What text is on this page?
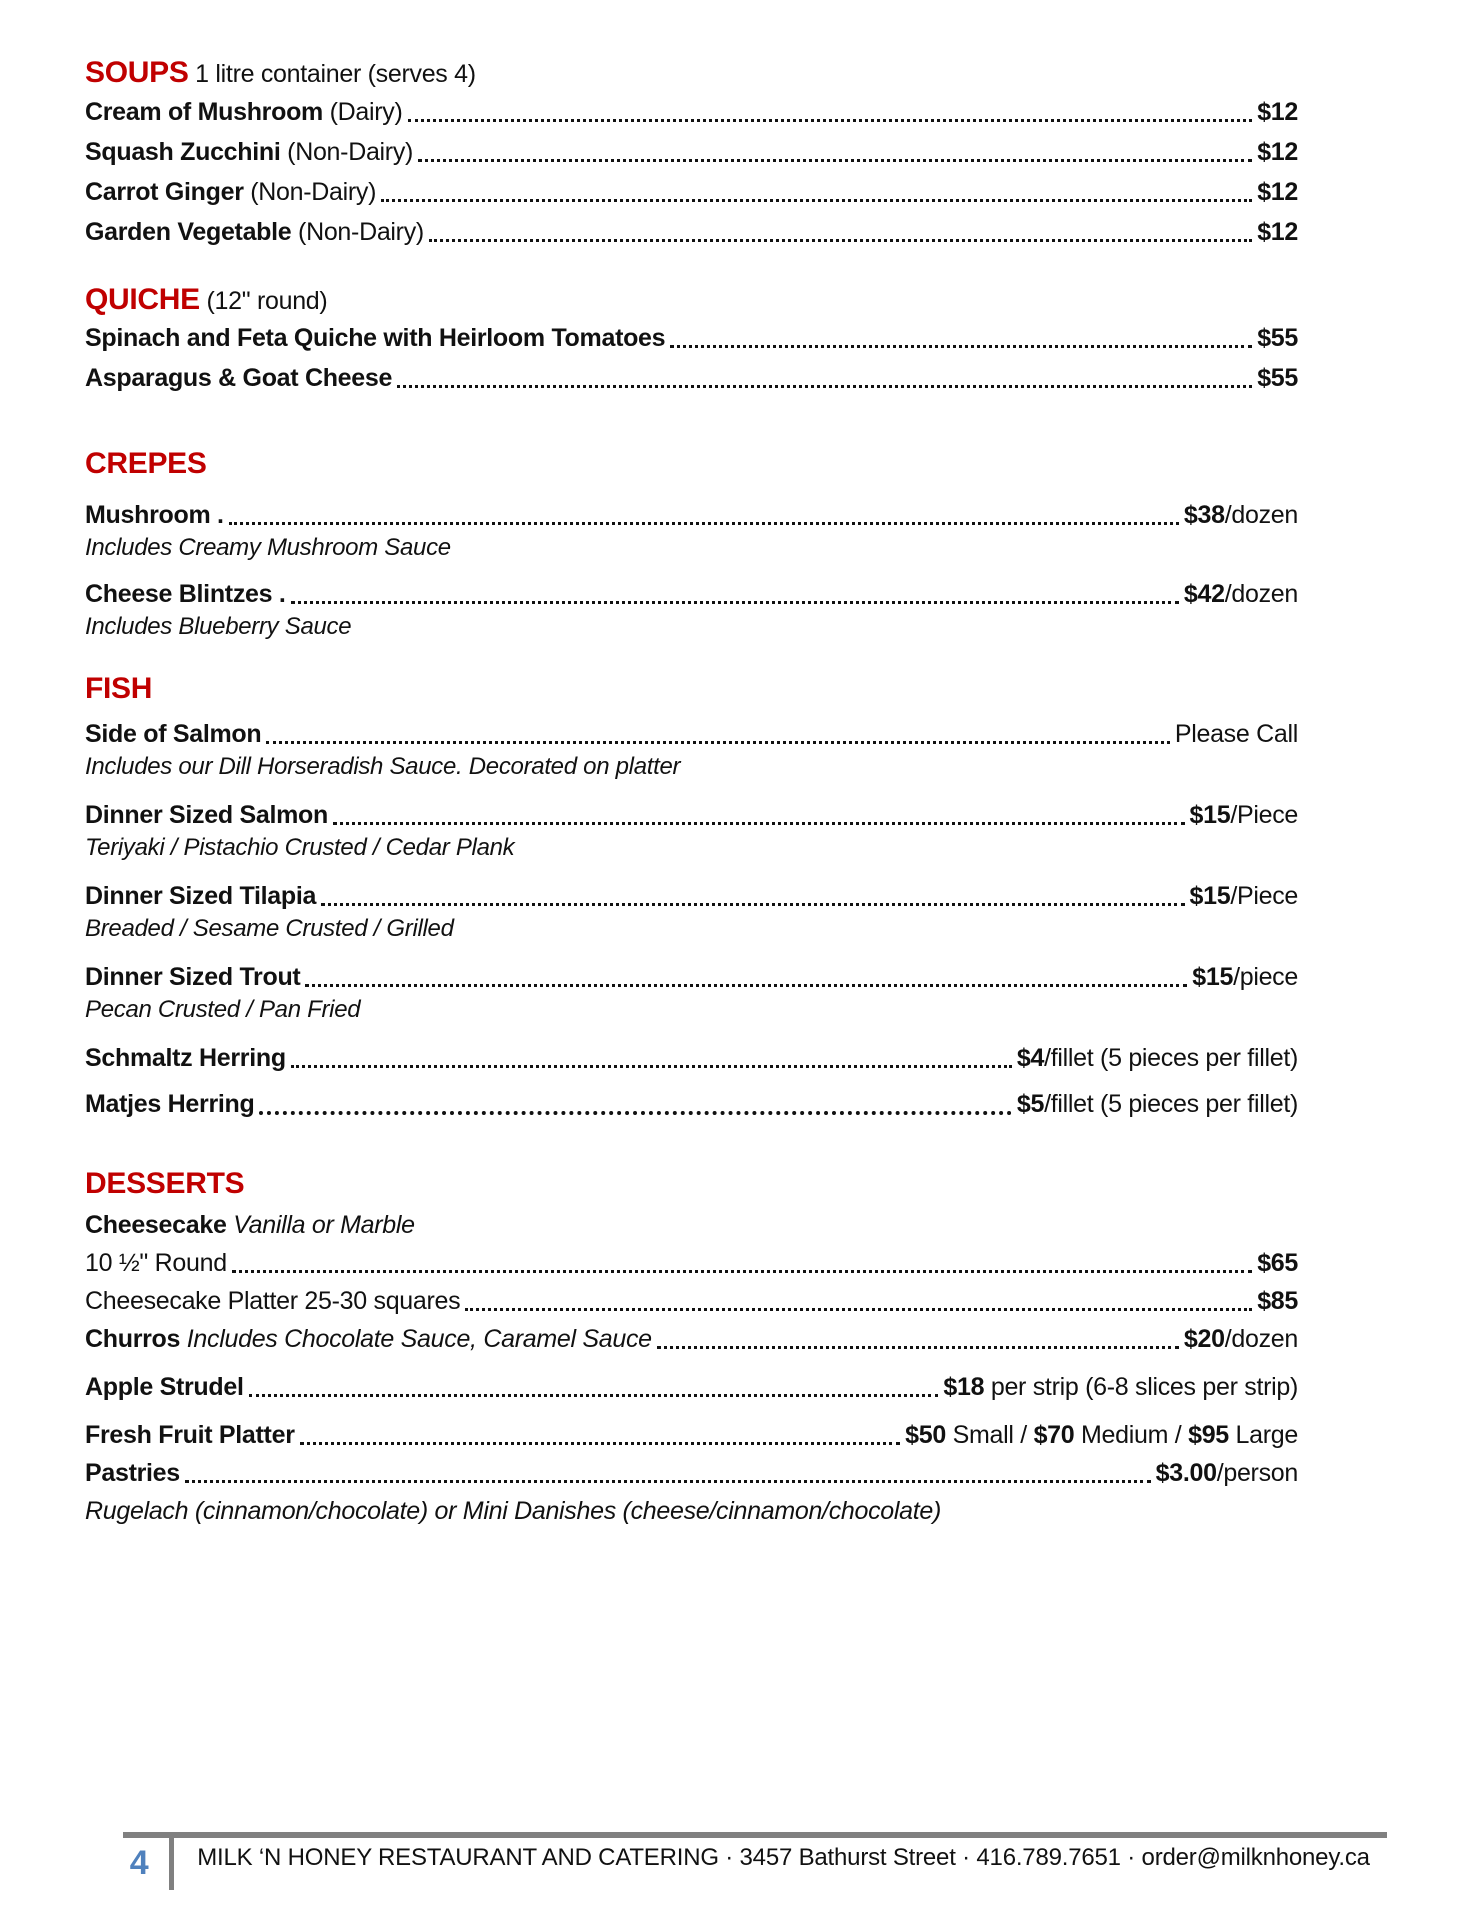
SOUPS 1 litre container (serves 4)
Cream of Mushroom (Dairy)	$12
Squash Zucchini (Non-Dairy)	$12
Carrot Ginger (Non-Dairy)	$12
Garden Vegetable (Non-Dairy)	$12
QUICHE (12" round)
Spinach and Feta Quiche with Heirloom Tomatoes	$55
Asparagus & Goat Cheese	$55
CREPES
Mushroom .	$38/dozen
Includes Creamy Mushroom Sauce
Cheese Blintzes .	$42/dozen
Includes Blueberry Sauce
FISH
Side of Salmon	Please Call
Includes our Dill Horseradish Sauce. Decorated on platter
Dinner Sized Salmon	$15/Piece
Teriyaki / Pistachio Crusted / Cedar Plank
Dinner Sized Tilapia	$15/Piece
Breaded / Sesame Crusted / Grilled
Dinner Sized Trout	$15/piece
Pecan Crusted / Pan Fried
Schmaltz Herring	$4/fillet (5 pieces per fillet)
Matjes Herring	$5/fillet (5 pieces per fillet)
DESSERTS
Cheesecake Vanilla or Marble
10 ½" Round	$65
Cheesecake Platter 25-30 squares	$85
Churros Includes Chocolate Sauce, Caramel Sauce	$20/dozen
Apple Strudel	$18 per strip (6-8 slices per strip)
Fresh Fruit Platter	$50 Small / $70 Medium / $95 Large
Pastries	$3.00/person
Rugelach (cinnamon/chocolate) or Mini Danishes (cheese/cinnamon/chocolate)
4	MILK ‘N HONEY RESTAURANT AND CATERING · 3457 Bathurst Street · 416.789.7651 · order@milknhoney.ca
